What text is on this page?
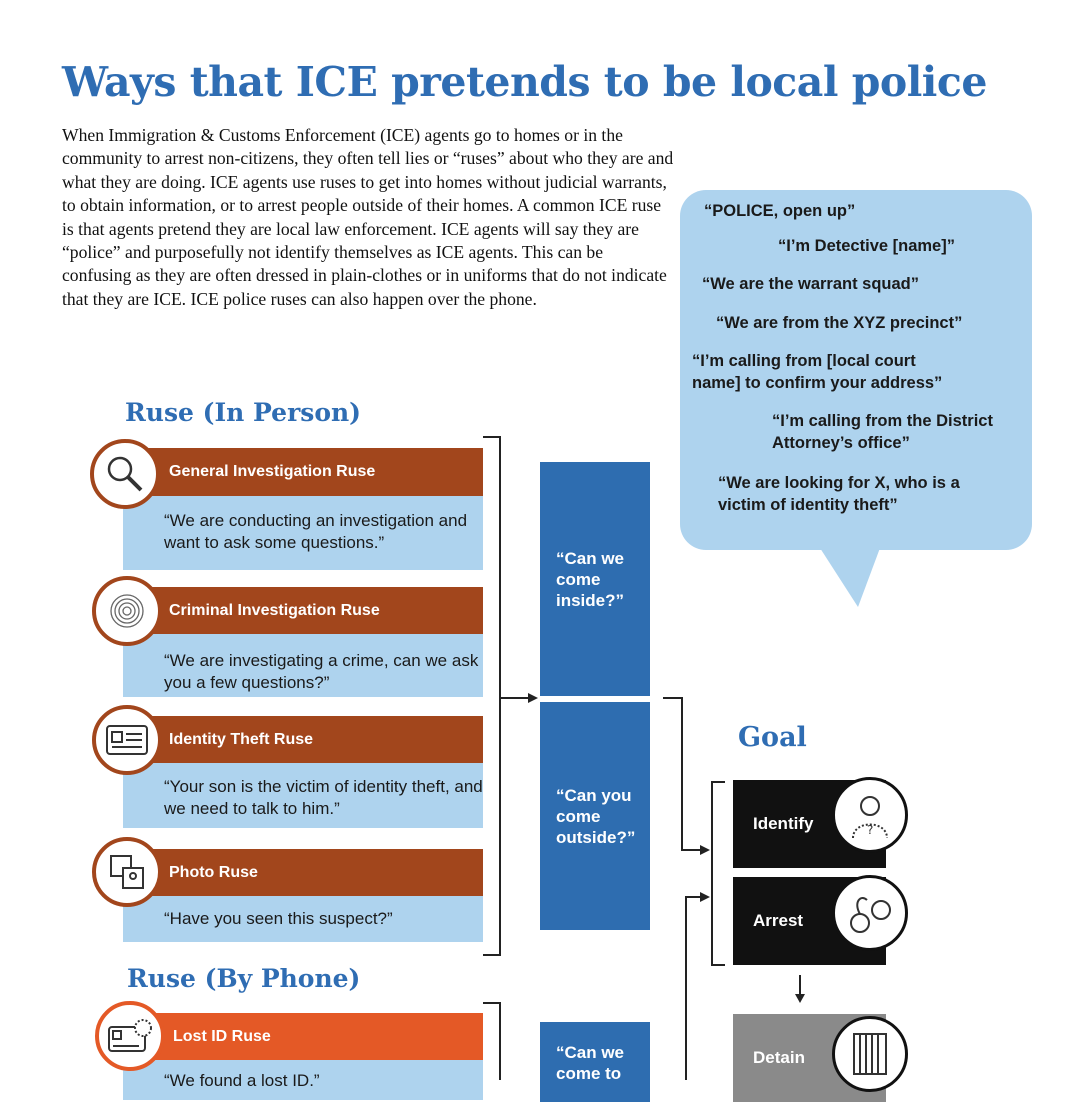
Ways that ICE pretends to be local police
When Immigration & Customs Enforcement (ICE) agents go to homes or in the community to arrest non-citizens, they often tell lies or “ruses” about who they are and what they are doing. ICE agents use ruses to get into homes without judicial warrants, to obtain information, or to arrest people outside of their homes. A common ICE ruse is that agents pretend they are local law enforcement. ICE agents will say they are “police” and purposefully not identify themselves as ICE agents. This can be confusing as they are often dressed in plain-clothes or in uniforms that do not indicate that they are ICE. ICE police ruses can also happen over the phone.
“POLICE, open up”
“I’m Detective [name]”
“We are the warrant squad”
“We are from the XYZ precinct”
“I’m calling from [local court name] to confirm your address”
“I’m calling from the District Attorney’s office”
“We are looking for X, who is a victim of identity theft”
Ruse (In Person)
General Investigation Ruse
“We are conducting an investigation and want to ask some questions.”
Criminal Investigation Ruse
“We are investigating a crime, can we ask you a few questions?”
Identity Theft Ruse
“Your son is the victim of identity theft, and we need to talk to him.”
Photo Ruse
“Have you seen this suspect?”
Ruse (By Phone)
Lost ID Ruse
“We found a lost ID.”
“Can we come inside?”
“Can you come outside?”
“Can we come to
Goal
Identify	?
Arrest
Detain
